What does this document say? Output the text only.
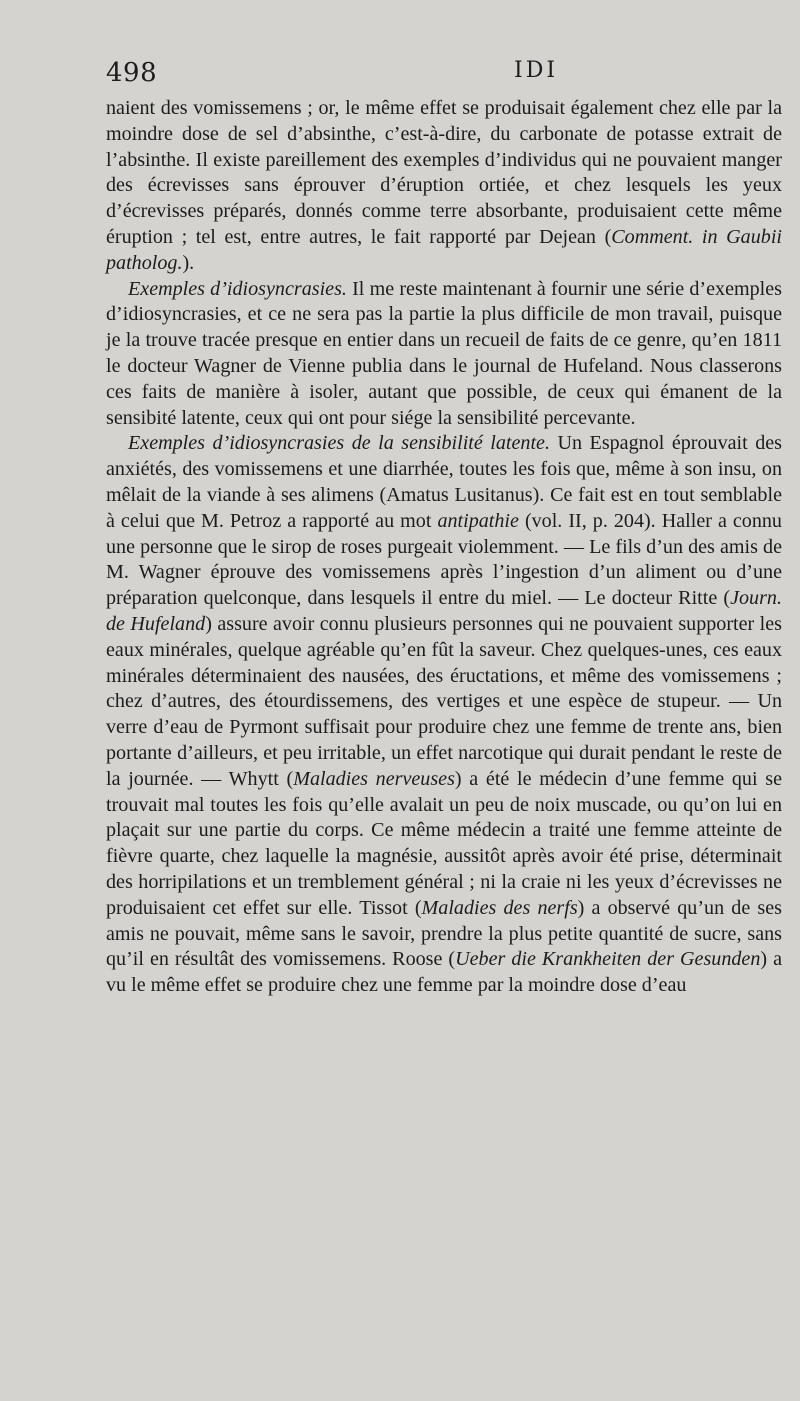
498	IDI

naient des vomissemens ; or, le même effet se produisait également chez elle par la moindre dose de sel d’absinthe, c’est-à-dire, du carbonate de potasse extrait de l’absinthe. Il existe pareillement des exemples d’individus qui ne pouvaient manger des écrevisses sans éprouver d’éruption ortiée, et chez lesquels les yeux d’écrevisses préparés, donnés comme terre absorbante, produisaient cette même éruption ; tel est, entre autres, le fait rapporté par Dejean (Comment. in Gaubii patholog.).

Exemples d’idiosyncrasies. Il me reste maintenant à fournir une série d’exemples d’idiosyncrasies, et ce ne sera pas la partie la plus difficile de mon travail, puisque je la trouve tracée presque en entier dans un recueil de faits de ce genre, qu’en 1811 le docteur Wagner de Vienne publia dans le journal de Hufeland. Nous classerons ces faits de manière à isoler, autant que possible, de ceux qui émanent de la sensibité latente, ceux qui ont pour siége la sensibilité percevante.

Exemples d’idiosyncrasies de la sensibilité latente. Un Espagnol éprouvait des anxiétés, des vomissemens et une diarrhée, toutes les fois que, même à son insu, on mêlait de la viande à ses alimens (Amatus Lusitanus). Ce fait est en tout semblable à celui que M. Petroz a rapporté au mot antipathie (vol. II, p. 204). Haller a connu une personne que le sirop de roses purgeait violemment. — Le fils d’un des amis de M. Wagner éprouve des vomissemens après l’ingestion d’un aliment ou d’une préparation quelconque, dans lesquels il entre du miel. — Le docteur Ritte (Journ. de Hufeland) assure avoir connu plusieurs personnes qui ne pouvaient supporter les eaux minérales, quelque agréable qu’en fût la saveur. Chez quelques-unes, ces eaux minérales déterminaient des nausées, des éructations, et même des vomissemens ; chez d’autres, des étourdissemens, des vertiges et une espèce de stupeur. — Un verre d’eau de Pyrmont suffisait pour produire chez une femme de trente ans, bien portante d’ailleurs, et peu irritable, un effet narcotique qui durait pendant le reste de la journée. — Whytt (Maladies nerveuses) a été le médecin d’une femme qui se trouvait mal toutes les fois qu’elle avalait un peu de noix muscade, ou qu’on lui en plaçait sur une partie du corps. Ce même médecin a traité une femme atteinte de fièvre quarte, chez laquelle la magnésie, aussitôt après avoir été prise, déterminait des horripilations et un tremblement général ; ni la craie ni les yeux d’écrevisses ne produisaient cet effet sur elle. Tissot (Maladies des nerfs) a observé qu’un de ses amis ne pouvait, même sans le savoir, prendre la plus petite quantité de sucre, sans qu’il en résultât des vomissemens. Roose (Ueber die Krankheiten der Gesunden) a vu le même effet se produire chez une femme par la moindre dose d’eau
